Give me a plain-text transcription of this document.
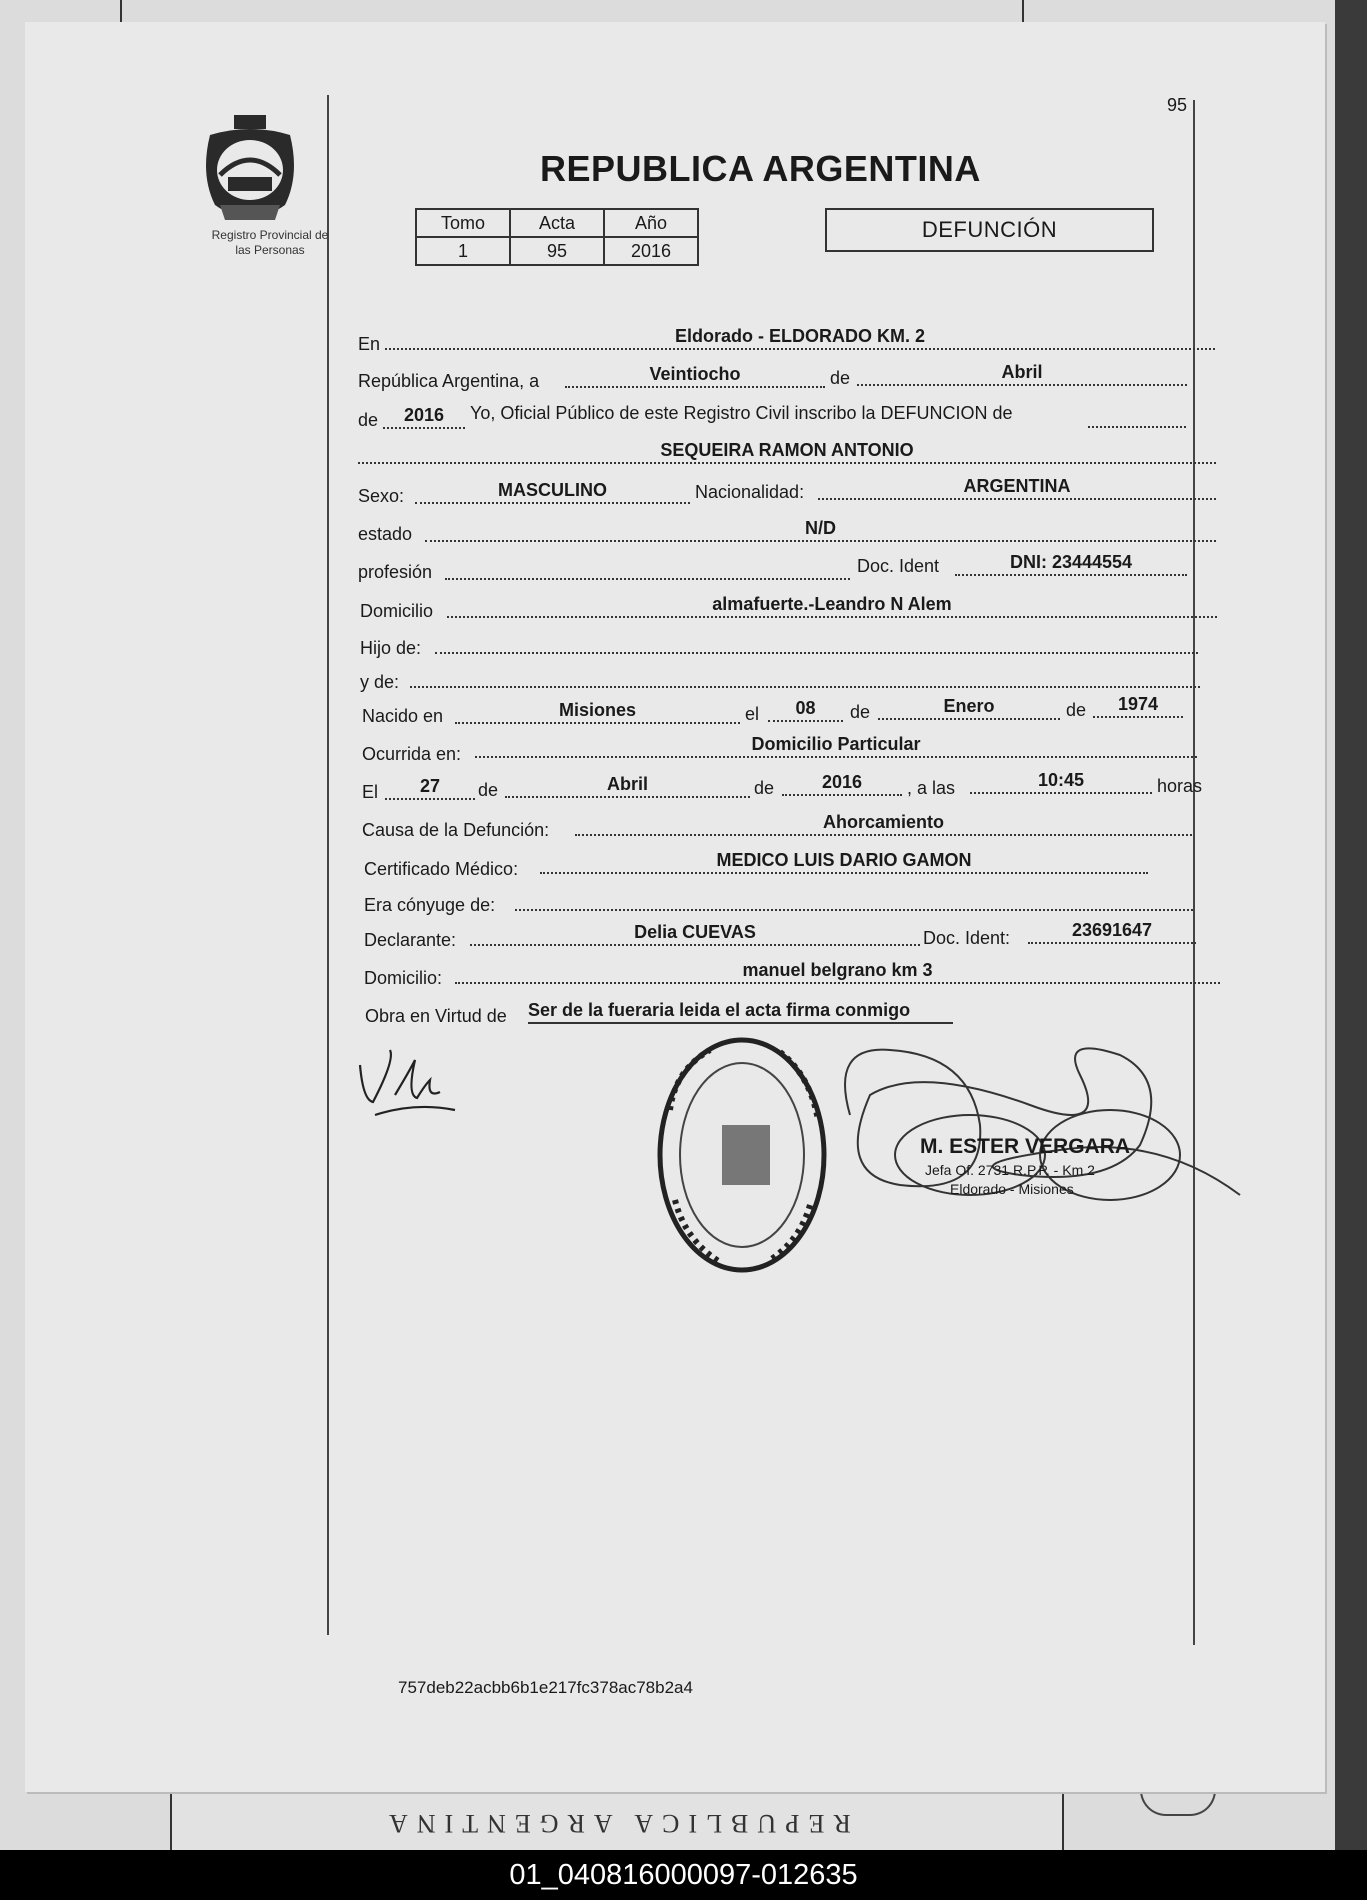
REPUBLICA ARGENTINA
95
Registro Provincial de
las Personas
REPUBLICA ARGENTINA
Tomo	Acta	Año
1	95	2016
DEFUNCIÓN
En	Eldorado - ELDORADO KM. 2
República Argentina, a	Veintiocho	de	Abril
de	2016	Yo, Oficial Público de este Registro Civil inscribo la DEFUNCION de
SEQUEIRA RAMON ANTONIO
Sexo:	MASCULINO	Nacionalidad:	ARGENTINA
estado	N/D
profesión	Doc. Ident	DNI: 23444554
Domicilio	almafuerte.-Leandro N Alem
Hijo de:
y de:
Nacido en	Misiones	el	08	de	Enero	de	1974
Ocurrida en:	Domicilio Particular
El	27	de	Abril	de	2016	, a las	10:45	horas
Causa de la Defunción:	Ahorcamiento
Certificado Médico:	MEDICO LUIS DARIO GAMON
Era cónyuge de:
Declarante:	Delia CUEVAS	Doc. Ident:	23691647
Domicilio:	manuel belgrano km 3
Obra en Virtud de Ser de la fueraria leida el acta firma conmigo
M. ESTER VERGARA
Jefa Of. 2731 R.P.P. - Km 2
Eldorado - Misiones
757deb22acbb6b1e217fc378ac78b2a4
01_040816000097-012635
